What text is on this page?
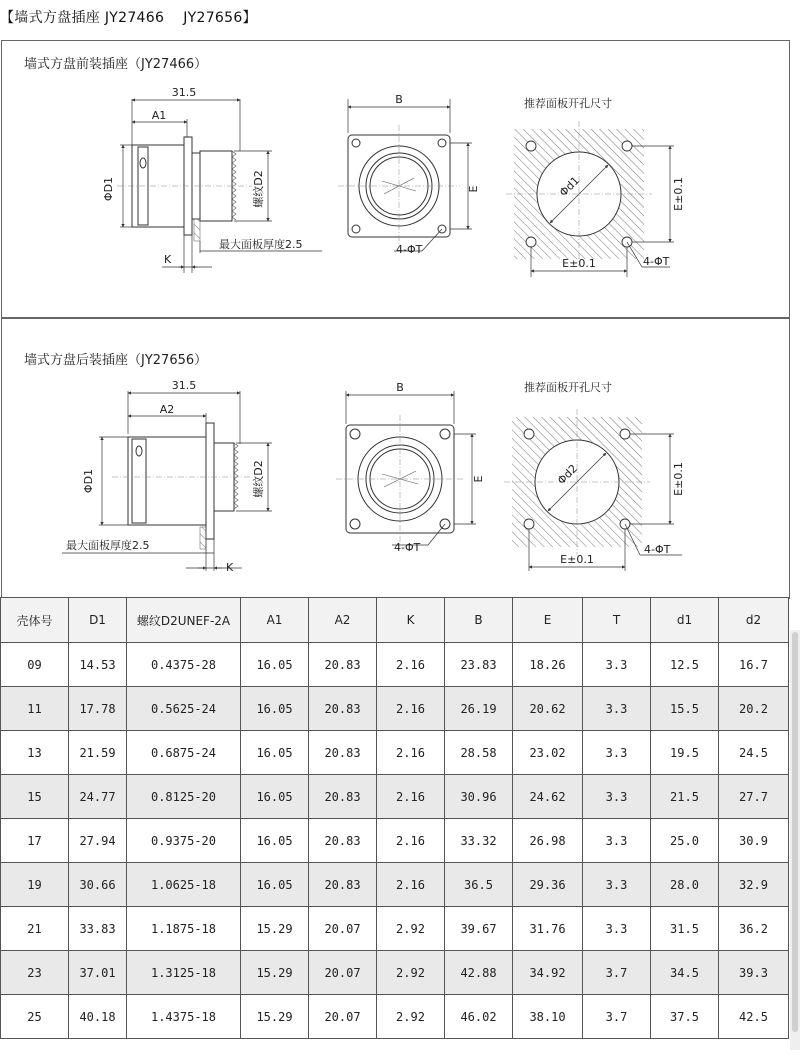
【墙式方盘插座 JY27466　 JY27656】
墙式方盘前装插座（JY27466）
31.5
A1
ΦD1	螺纹D2
最大面板厚度2.5
K
B
E
4-ΦT
推荐面板开孔尺寸
Φd1
E±0.1
E±0.1
4-ΦT
墙式方盘后装插座（JY27656）
31.5
A2
ΦD1	螺纹D2
最大面板厚度2.5
K
B
E
4-ΦT
推荐面板开孔尺寸
Φd2
E±0.1
E±0.1
4-ΦT
壳体号	D1	螺纹D2UNEF-2A	A1	A2	K	B	E	T	d1	d2
09	14.53	0.4375-28	16.05	20.83	2.16	23.83	18.26	3.3	12.5	16.7
11	17.78	0.5625-24	16.05	20.83	2.16	26.19	20.62	3.3	15.5	20.2
13	21.59	0.6875-24	16.05	20.83	2.16	28.58	23.02	3.3	19.5	24.5
15	24.77	0.8125-20	16.05	20.83	2.16	30.96	24.62	3.3	21.5	27.7
17	27.94	0.9375-20	16.05	20.83	2.16	33.32	26.98	3.3	25.0	30.9
19	30.66	1.0625-18	16.05	20.83	2.16	36.5	29.36	3.3	28.0	32.9
21	33.83	1.1875-18	15.29	20.07	2.92	39.67	31.76	3.3	31.5	36.2
23	37.01	1.3125-18	15.29	20.07	2.92	42.88	34.92	3.7	34.5	39.3
25	40.18	1.4375-18	15.29	20.07	2.92	46.02	38.10	3.7	37.5	42.5
